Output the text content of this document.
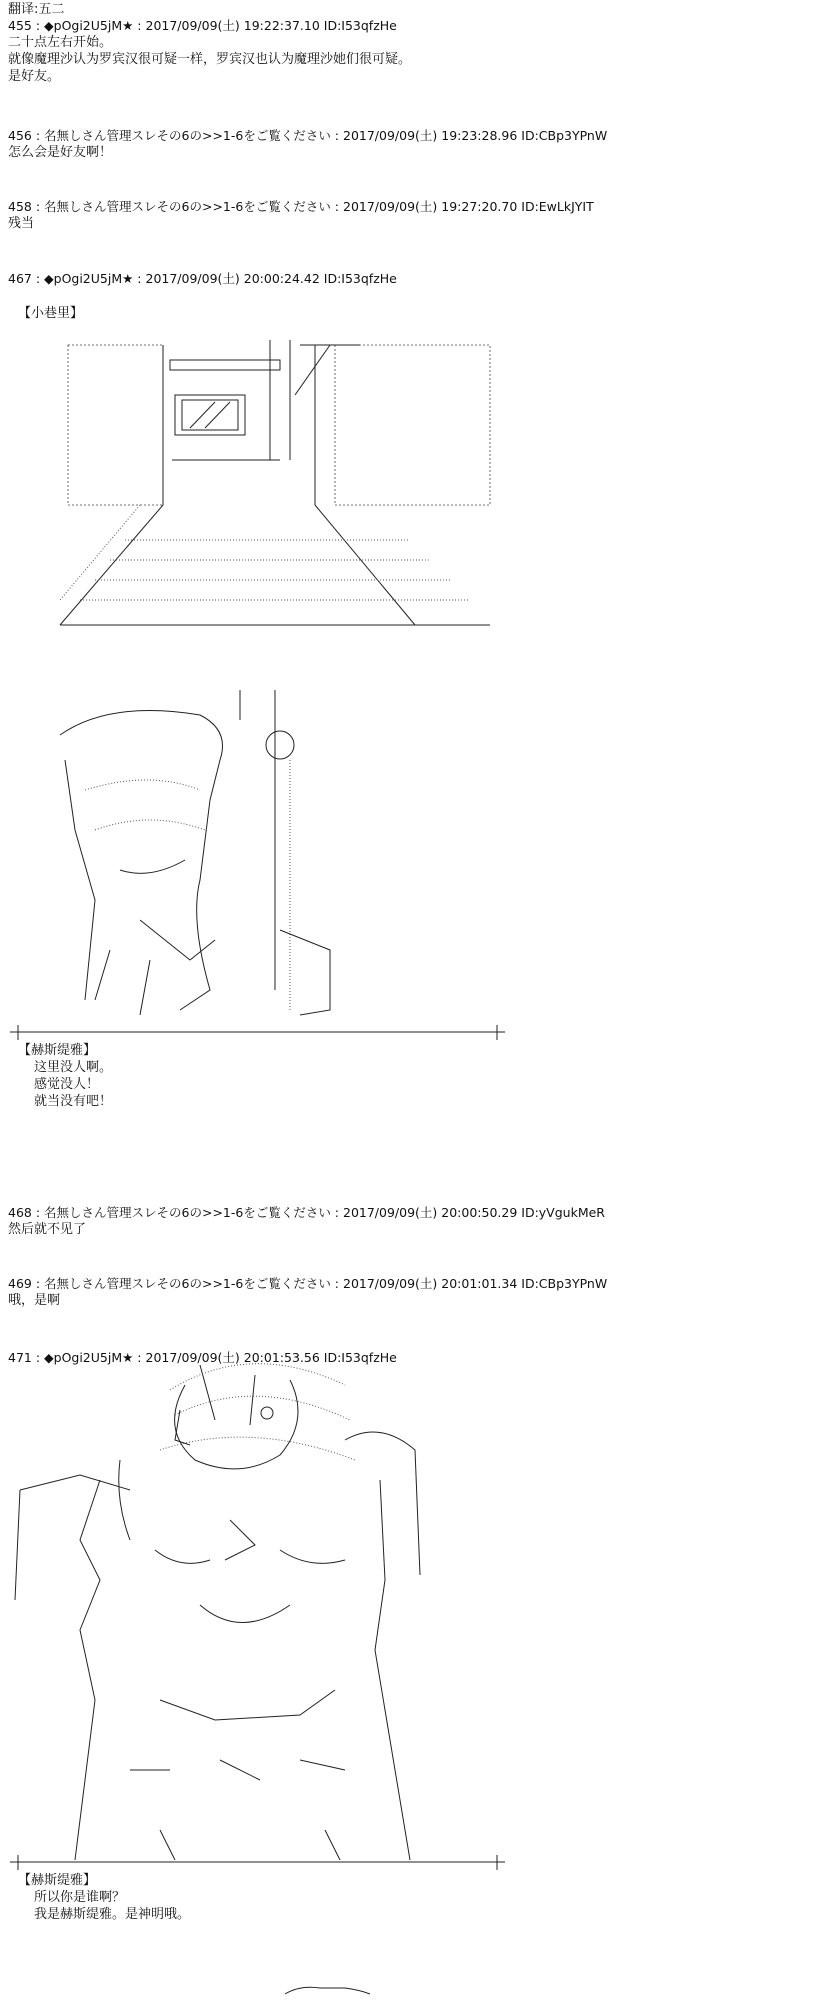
翻译:五二
455 : ◆pOgi2U5jM★ : 2017/09/09(土) 19:22:37.10 ID:I53qfzHe
二十点左右开始。
就像魔理沙认为罗宾汉很可疑一样，罗宾汉也认为魔理沙她们很可疑。
是好友。
456 : 名無しさん管理スレその6の>>1-6をご覧ください : 2017/09/09(土) 19:23:28.96 ID:CBp3YPnW
怎么会是好友啊！
458 : 名無しさん管理スレその6の>>1-6をご覧ください : 2017/09/09(土) 19:27:20.70 ID:EwLkJYIT
残当
467 : ◆pOgi2U5jM★ : 2017/09/09(土) 20:00:24.42 ID:I53qfzHe
【小巷里】
【赫斯缇雅】
这里没人啊。
感觉没人！
就当没有吧！
468 : 名無しさん管理スレその6の>>1-6をご覧ください : 2017/09/09(土) 20:00:50.29 ID:yVgukMeR
然后就不见了
469 : 名無しさん管理スレその6の>>1-6をご覧ください : 2017/09/09(土) 20:01:01.34 ID:CBp3YPnW
哦，是啊
471 : ◆pOgi2U5jM★ : 2017/09/09(土) 20:01:53.56 ID:I53qfzHe
【赫斯缇雅】
所以你是谁啊？
我是赫斯缇雅。是神明哦。
